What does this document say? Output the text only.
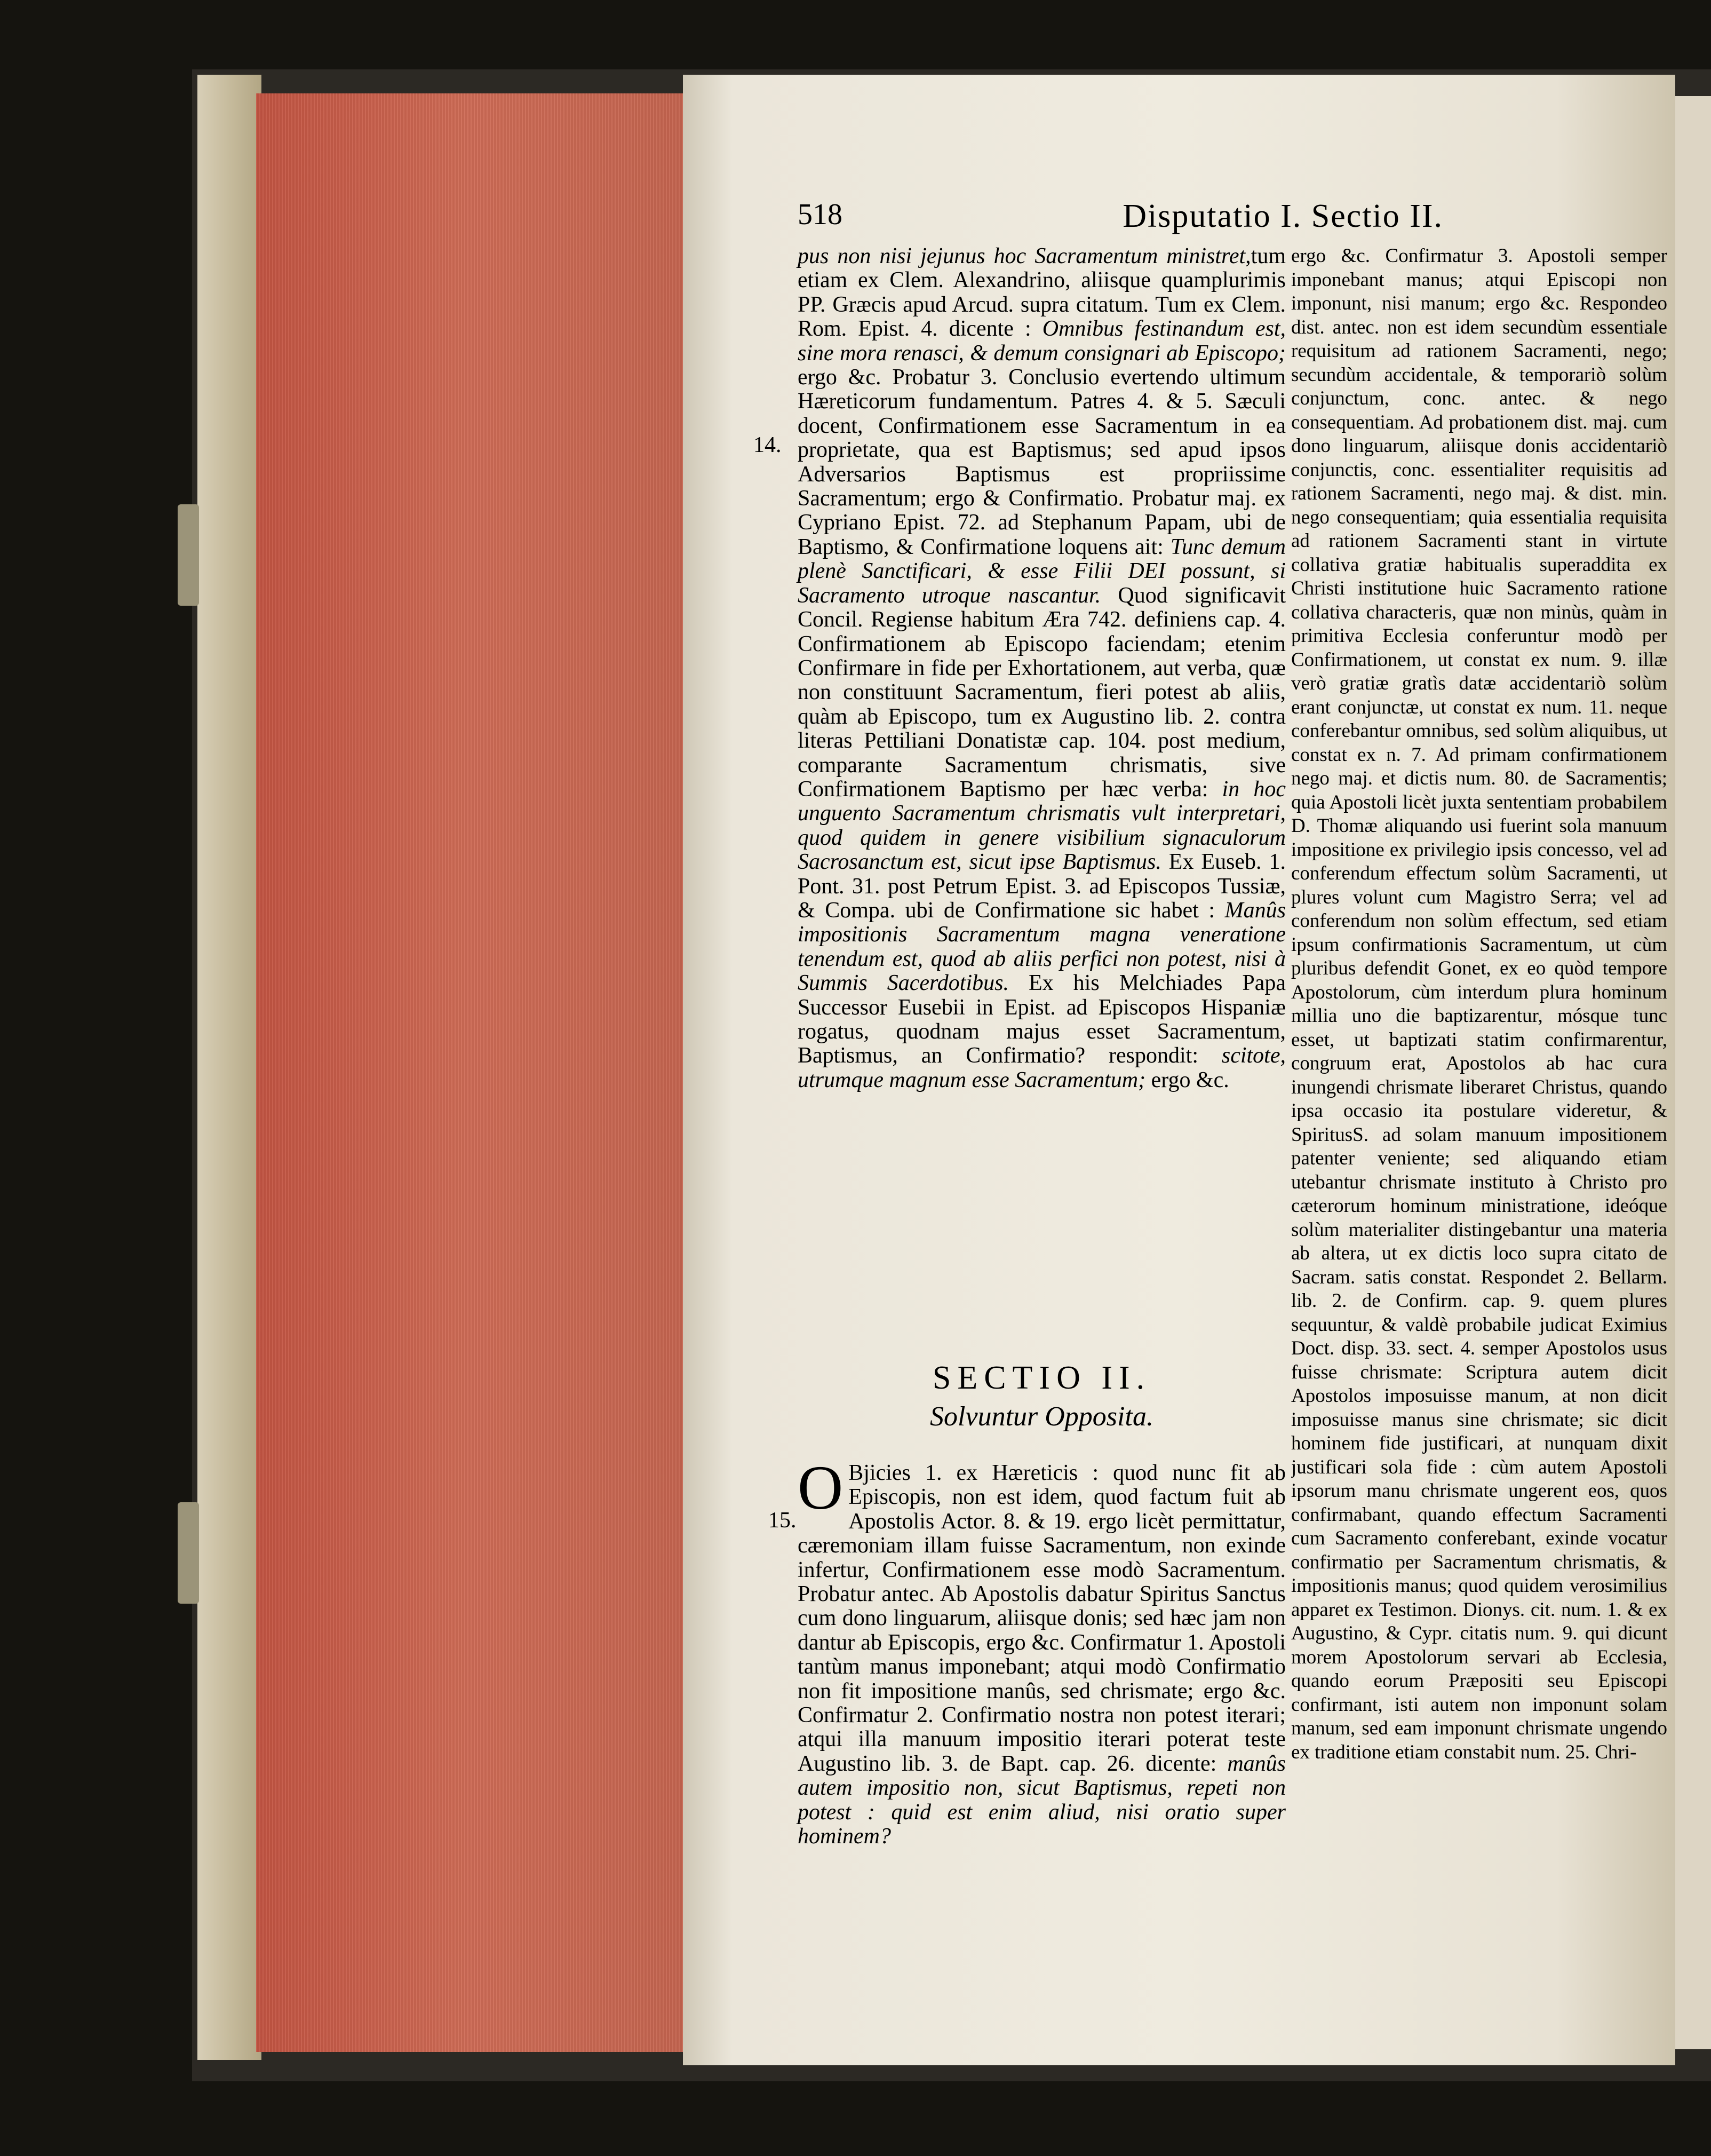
518	Disputatio I. Sectio II.
14.
15.

pus non nisi jejunus hoc Sacramentum ministret,tum etiam ex Clem. Alexandrino, aliisque quamplurimis PP. Græcis apud Arcud. supra citatum. Tum ex Clem. Rom. Epist. 4. dicente : Omnibus festinandum est, sine mora renasci, & demum consignari ab Episcopo; ergo &c. Probatur 3. Conclusio evertendo ultimum Hæreticorum fundamentum. Patres 4. & 5. Sæculi docent, Confirmationem esse Sacramentum in ea proprietate, qua est Baptismus; sed apud ipsos Adversarios Baptismus est propriissime Sacramentum; ergo & Confirmatio. Probatur maj. ex Cypriano Epist. 72. ad Stephanum Papam, ubi de Baptismo, & Confirmatione loquens ait: Tunc demum plenè Sanctificari, & esse Filii DEI possunt, si Sacramento utroque nascantur. Quod significavit Concil. Regiense habitum Æra 742. definiens cap. 4. Confirmationem ab Episcopo faciendam; etenim Confirmare in fide per Exhortationem, aut verba, quæ non constituunt Sacramentum, fieri potest ab aliis, quàm ab Episcopo, tum ex Augustino lib. 2. contra literas Pettiliani Donatistæ cap. 104. post medium, comparante Sacramentum chrismatis, sive Confirmationem Baptismo per hæc verba: in hoc unguento Sacramentum chrismatis vult interpretari, quod quidem in genere visibilium signaculorum Sacrosanctum est, sicut ipse Baptismus. Ex Euseb. 1. Pont. 31. post Petrum Epist. 3. ad Episcopos Tussiæ, & Compa. ubi de Confirmatione sic habet : Manûs impositionis Sacramentum magna veneratione tenendum est, quod ab aliis perfici non potest, nisi à Summis Sacerdotibus. Ex his Melchiades Papa Successor Eusebii in Epist. ad Episcopos Hispaniæ rogatus, quodnam majus esset Sacramentum, Baptismus, an Confirmatio? respondit: scitote, utrumque magnum esse Sacramentum; ergo &c.

SECTIO II.
Solvuntur Opposita.

O Bjicies 1. ex Hæreticis : quod nunc fit ab Episcopis, non est idem, quod factum fuit ab Apostolis Actor. 8. & 19. ergo licèt permittatur, cæremoniam illam fuisse Sacramentum, non exinde infertur, Confirmationem esse modò Sacramentum. Probatur antec. Ab Apostolis dabatur Spiritus Sanctus cum dono linguarum, aliisque donis; sed hæc jam non dantur ab Episcopis, ergo &c. Confirmatur 1. Apostoli tantùm manus imponebant; atqui modò Confirmatio non fit impositione manûs, sed chrismate; ergo &c. Confirmatur 2. Confirmatio nostra non potest iterari; atqui illa manuum impositio iterari poterat teste Augustino lib. 3. de Bapt. cap. 26. dicente: manûs autem impositio non, sicut Baptismus, repeti non potest : quid est enim aliud, nisi oratio super hominem?

ergo &c. Confirmatur 3. Apostoli semper imponebant manus; atqui Episcopi non imponunt, nisi manum; ergo &c. Respondeo dist. antec. non est idem secundùm essentiale requisitum ad rationem Sacramenti, nego; secundùm accidentale, & temporariò solùm conjunctum, conc. antec. & nego consequentiam. Ad probationem dist. maj. cum dono linguarum, aliisque donis accidentariò conjunctis, conc. essentialiter requisitis ad rationem Sacramenti, nego maj. & dist. min. nego consequentiam; quia essentialia requisita ad rationem Sacramenti stant in virtute collativa gratiæ habitualis superaddita ex Christi institutione huic Sacramento ratione collativa characteris, quæ non minùs, quàm in primitiva Ecclesia conferuntur modò per Confirmationem, ut constat ex num. 9. illæ verò gratiæ gratìs datæ accidentariò solùm erant conjunctæ, ut constat ex num. 11. neque conferebantur omnibus, sed solùm aliquibus, ut constat ex n. 7. Ad primam confirmationem nego maj. et dictis num. 80. de Sacramentis; quia Apostoli licèt juxta sententiam probabilem D. Thomæ aliquando usi fuerint sola manuum impositione ex privilegio ipsis concesso, vel ad conferendum effectum solùm Sacramenti, ut plures volunt cum Magistro Serra; vel ad conferendum non solùm effectum, sed etiam ipsum confirmationis Sacramentum, ut cùm pluribus defendit Gonet, ex eo quòd tempore Apostolorum, cùm interdum plura hominum millia uno die baptizarentur, mósque tunc esset, ut baptizati statim confirmarentur, congruum erat, Apostolos ab hac cura inungendi chrismate liberaret Christus, quando ipsa occasio ita postulare videretur, & SpiritusS. ad solam manuum impositionem patenter veniente; sed aliquando etiam utebantur chrismate instituto à Christo pro cæterorum hominum ministratione, ideóque solùm materialiter distingebantur una materia ab altera, ut ex dictis loco supra citato de Sacram. satis constat. Respondet 2. Bellarm. lib. 2. de Confirm. cap. 9. quem plures sequuntur, & valdè probabile judicat Eximius Doct. disp. 33. sect. 4. semper Apostolos usus fuisse chrismate: Scriptura autem dicit Apostolos imposuisse manum, at non dicit imposuisse manus sine chrismate; sic dicit hominem fide justificari, at nunquam dixit justificari sola fide : cùm autem Apostoli ipsorum manu chrismate ungerent eos, quos confirmabant, quando effectum Sacramenti cum Sacramento conferebant, exinde vocatur confirmatio per Sacramentum chrismatis, & impositionis manus; quod quidem verosimilius apparet ex Testimon. Dionys. cit. num. 1. & ex Augustino, & Cypr. citatis num. 9. qui dicunt morem Apostolorum servari ab Ecclesia, quando eorum Præpositi seu Episcopi confirmant, isti autem non imponunt solam manum, sed eam imponunt chrismate ungendo ex traditione etiam constabit num. 25. Chri-
